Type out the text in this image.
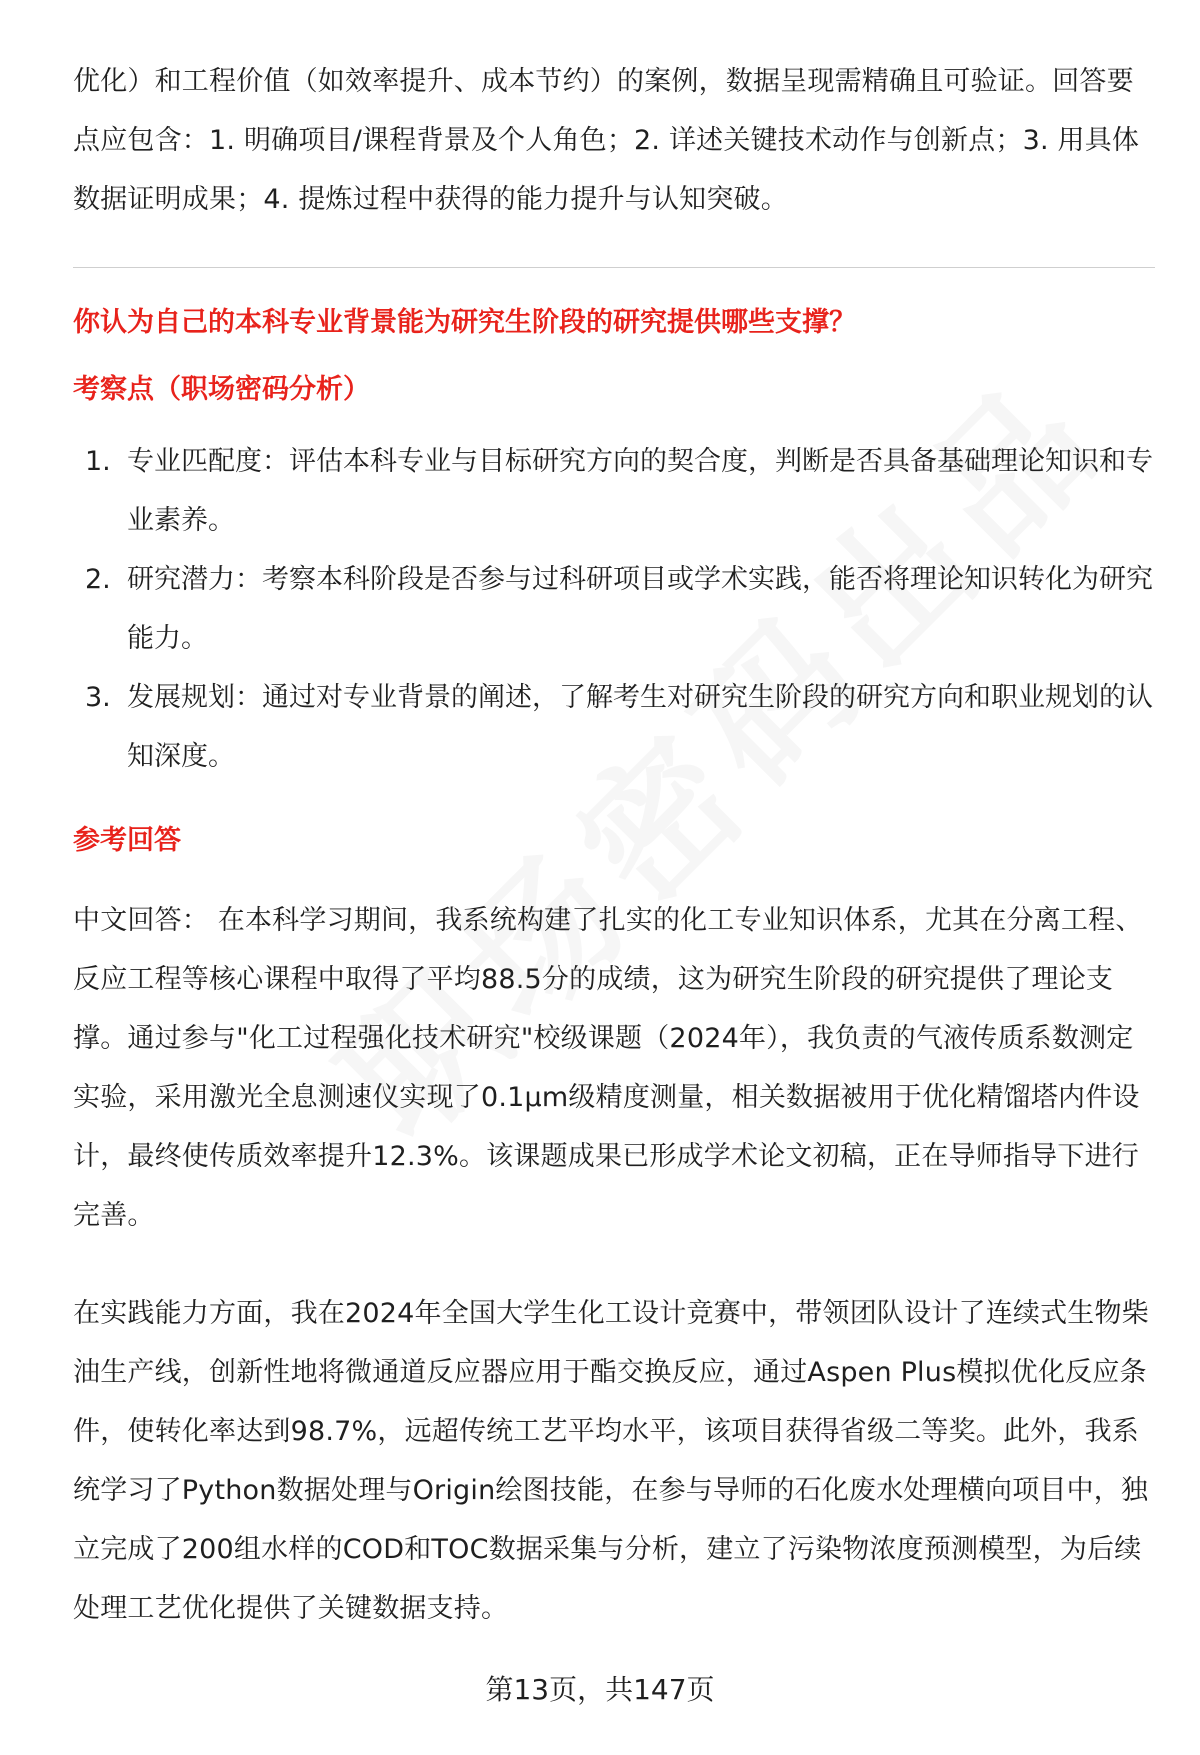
优化）和工程价值（如效率提升、成本节约）的案例，数据呈现需精确且可验证。回答要点应包含：1. 明确项目/课程背景及个人角色；2. 详述关键技术动作与创新点；3. 用具体数据证明成果；4. 提炼过程中获得的能力提升与认知突破。

你认为自己的本科专业背景能为研究生阶段的研究提供哪些支撑？
考察点（职场密码分析）
1. 专业匹配度：评估本科专业与目标研究方向的契合度，判断是否具备基础理论知识和专业素养。
2. 研究潜力：考察本科阶段是否参与过科研项目或学术实践，能否将理论知识转化为研究能力。
3. 发展规划：通过对专业背景的阐述，了解考生对研究生阶段的研究方向和职业规划的认知深度。
参考回答

中文回答： 在本科学习期间，我系统构建了扎实的化工专业知识体系，尤其在分离工程、反应工程等核心课程中取得了平均88.5分的成绩，这为研究生阶段的研究提供了理论支撑。通过参与"化工过程强化技术研究"校级课题（2024年），我负责的气液传质系数测定实验，采用激光全息测速仪实现了0.1μm级精度测量，相关数据被用于优化精馏塔内件设计，最终使传质效率提升12.3%。该课题成果已形成学术论文初稿，正在导师指导下进行完善。

在实践能力方面，我在2024年全国大学生化工设计竞赛中，带领团队设计了连续式生物柴油生产线，创新性地将微通道反应器应用于酯交换反应，通过Aspen Plus模拟优化反应条件，使转化率达到98.7%，远超传统工艺平均水平，该项目获得省级二等奖。此外，我系统学习了Python数据处理与Origin绘图技能，在参与导师的石化废水处理横向项目中，独立完成了200组水样的COD和TOC数据采集与分析，建立了污染物浓度预测模型，为后续处理工艺优化提供了关键数据支持。

第13页，共147页
